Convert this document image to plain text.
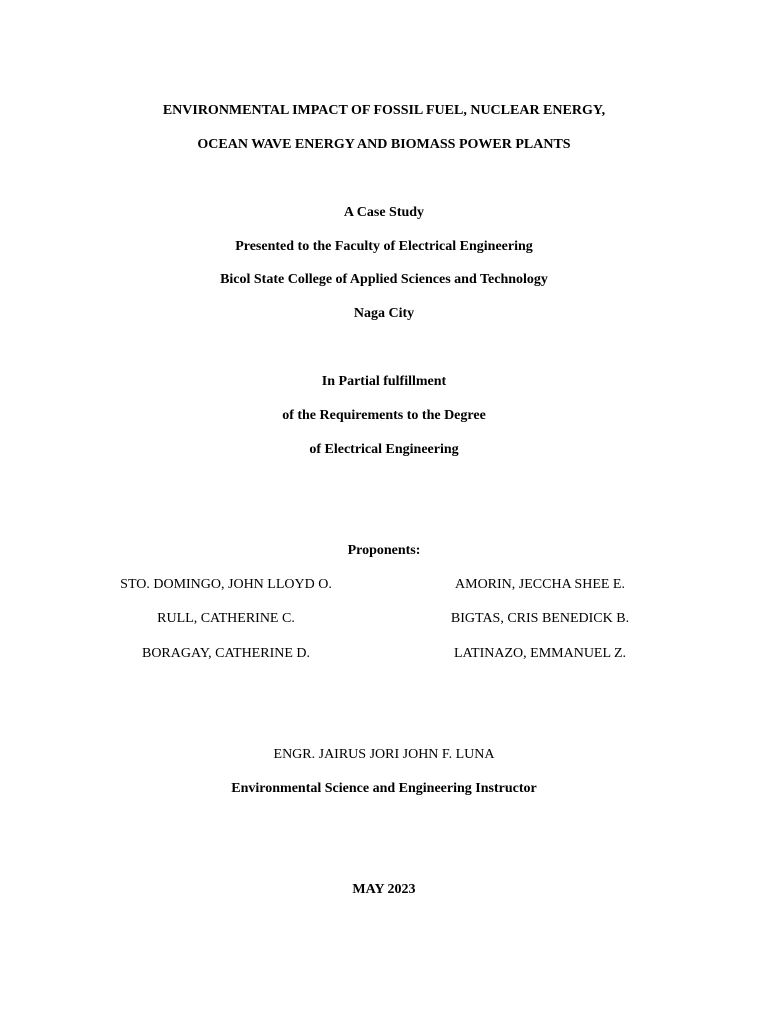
ENVIRONMENTAL IMPACT OF FOSSIL FUEL, NUCLEAR ENERGY,
OCEAN WAVE ENERGY AND BIOMASS POWER PLANTS
A Case Study
Presented to the Faculty of Electrical Engineering
Bicol State College of Applied Sciences and Technology
Naga City
In Partial fulfillment
of the Requirements to the Degree
of Electrical Engineering
Proponents:
STO. DOMINGO, JOHN LLOYD O.	AMORIN, JECCHA SHEE E.
RULL, CATHERINE C.	BIGTAS, CRIS BENEDICK B.
BORAGAY, CATHERINE D.	LATINAZO, EMMANUEL Z.
ENGR. JAIRUS JORI JOHN F. LUNA
Environmental Science and Engineering Instructor
MAY 2023
